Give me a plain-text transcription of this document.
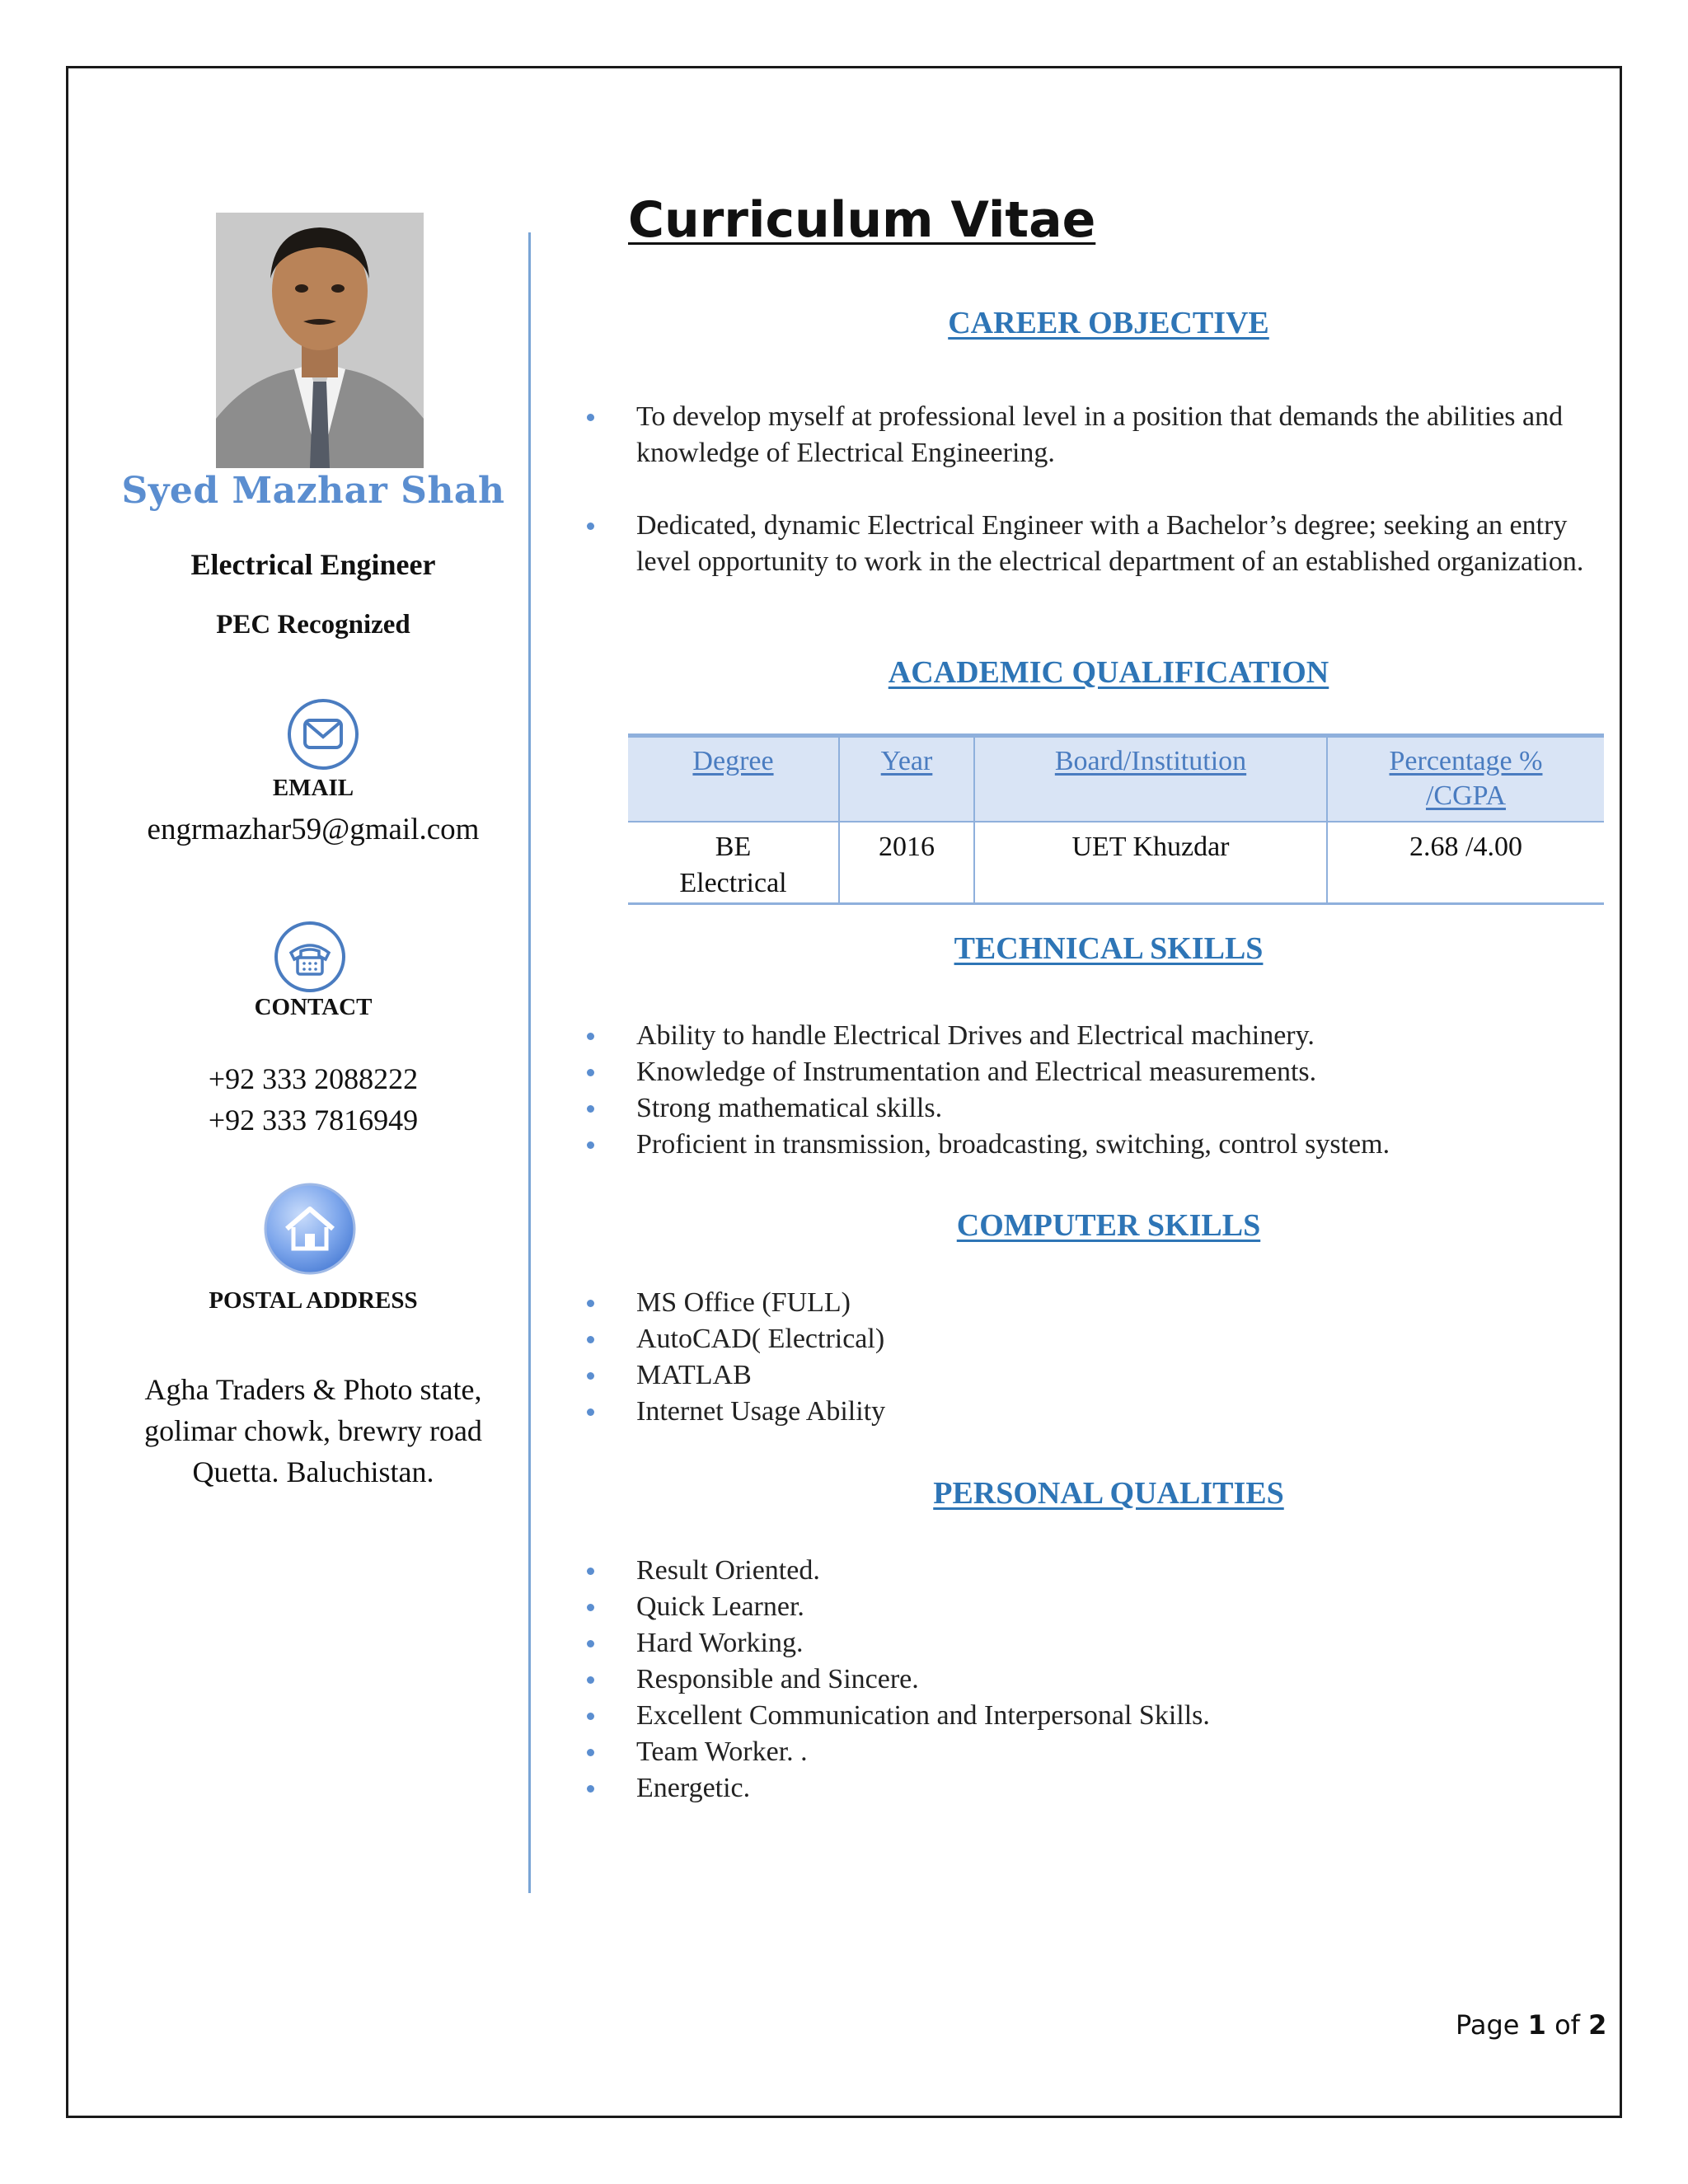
Syed Mazhar Shah
Electrical Engineer
PEC Recognized
EMAIL
engrmazhar59@gmail.com
CONTACT
+92 333 2088222
+92 333 7816949
POSTAL ADDRESS
Agha Traders & Photo state,
golimar chowk, brewry road
Quetta. Baluchistan.
Curriculum Vitae
CAREER OBJECTIVE
To develop myself at professional level in a position that demands the abilities and knowledge of Electrical Engineering.
Dedicated, dynamic Electrical Engineer with a Bachelor’s degree; seeking an entry level opportunity to work in the electrical department of an established organization.
ACADEMIC QUALIFICATION
Degree	Year	Board/Institution	Percentage % /CGPA
BE Electrical	2016	UET Khuzdar	2.68 /4.00
TECHNICAL SKILLS
Ability to handle Electrical Drives and Electrical machinery.
Knowledge of Instrumentation and Electrical measurements.
Strong mathematical skills.
Proficient in transmission, broadcasting, switching, control system.
COMPUTER SKILLS
MS Office (FULL)
AutoCAD( Electrical)
MATLAB
Internet Usage Ability
PERSONAL QUALITIES
Result Oriented.
Quick Learner.
Hard Working.
Responsible and Sincere.
Excellent Communication and Interpersonal Skills.
Team Worker. .
Energetic.
Page 1 of 2
